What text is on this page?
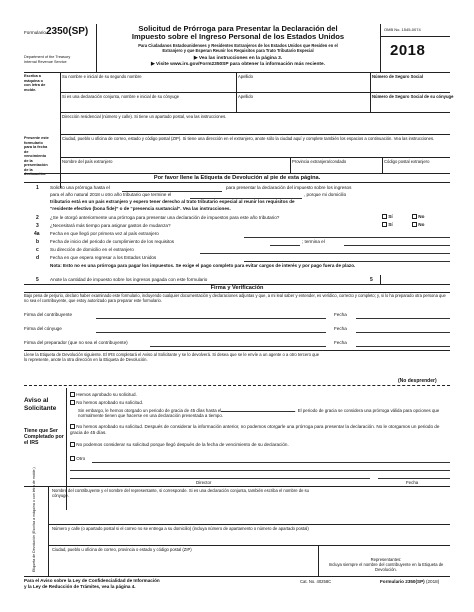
Formulario 2350(SP)
Department of the Treasury
Internal Revenue Service
Solicitud de Prórroga para Presentar la Declaración del
Impuesto sobre el Ingreso Personal de los Estados Unidos
Para Ciudadanos Estadounidenses y Residentes Extranjeros de los Estados Unidos que Residen en el
Extranjero y que Esperan Reunir los Requisitos para Trato Tributario Especial
▶ Vea las instrucciones en la página 3.
▶ Visite www.irs.gov/Form2350SP para obtener la información más reciente.
OMB No. 1545-0074
2018
Escriba a máquina o con letra de molde.
Presente este formulario para la fecha de vencimiento de la presentación de la declaración.
Su nombre e inicial de su segundo nombre	Apellido	Número de Seguro Social
Si es una declaración conjunta, nombre e inicial de su cónyuge	Apellido	Número de Seguro Social de su cónyuge
Dirección residencial (número y calle). Si tiene un apartado postal, vea las instrucciones.
Ciudad, pueblo u oficina de correo, estado y código postal (ZIP). Si tiene una dirección en el extranjero, anote sólo la ciudad aquí y complete también los espacios a continuación. Vea las instrucciones.
Nombre del país extranjero	Provincia extranjera/condado	Código postal extranjero
Por favor llene la Etiqueta de Devolución al pie de esta página.
1 Solicito una prórroga hasta el	para presentar la declaración del impuesto sobre los ingresos
para el año natural 2018 u otro año tributario que termine el	, porque mi domicilio
tributario está en un país extranjero y espero tener derecho al trato tributario especial al reunir los requisitos de
“residente efectivo (bona fide)” o de “presencia sustancial”. Vea las instrucciones.
2 ¿Se le otorgó anteriormente una prórroga para presentar una declaración de impuestos para este año tributario?	Sí	No
3 ¿Necesitará más tiempo para asignar gastos de mudanza?	Sí	No
4a Fecha en que llegó por primera vez al país extranjero
b Fecha de inicio del periodo de cumplimiento de los requisitos	; termina el
c Su dirección de domicilio en el extranjero
d Fecha en que espera regresar a los Estados Unidos
Nota: Esto no es una prórroga para pagar los impuestos. Se exige el pago completo para evitar cargos de interés y por pago fuera de plazo.
5 Anote la cantidad de impuesto sobre los ingresos pagada con este formulario	5
Firma y Verificación
Bajo pena de perjurio, declaro haber examinado este formulario, incluyendo cualquier documentación y declaraciones adjuntas y que, a mi leal saber y entender, es verídico, correcto y completo; y, si lo ha preparado otra persona que no sea el contribuyente, que estoy autorizado para preparar este formulario.
Firma del contribuyente	Fecha
Firma del cónyuge	Fecha
Firma del preparador (que no sea el contribuyente)	Fecha
Llene la Etiqueta de Devolución siguiente. El IRS completará el Aviso al Solicitante y se lo devolverá. Si desea que se le envíe a un agente o a otro tercero que
lo represente, anote la otra dirección en la Etiqueta de Devolución.
(No desprender)
Aviso al
Solicitante
Tiene que Ser Completado por el IRS
Hemos aprobado su solicitud.
No hemos aprobado su solicitud.
Sin embargo, le hemos otorgado un periodo de gracia de 45 días hasta el	. El periodo de gracia se considera una prórroga válida para opciones que normalmente tienen que hacerse en una declaración presentada a tiempo.
No hemos aprobado su solicitud. Después de considerar la información anterior, no podemos otorgarle una prórroga para presentar la declaración. No le otorgamos un periodo de gracia de 45 días.
No podemos considerar su solicitud porque llegó después de la fecha de vencimiento de su declaración.
Otro
Director	Fecha
Etiqueta de Devolución (Escriba a máquina o con letra de molde.)	Nombre del contribuyente y el nombre del representante, si corresponde. Si es una declaración conjunta, también escriba el nombre de su cónyuge.
Número y calle (o apartado postal si el correo no se entrega a su domicilio) (incluya número de apartamento o número de apartado postal)
Ciudad, pueblo u oficina de correo, provincia o estado y código postal (ZIP)
Representantes:
Incluya siempre el nombre del contribuyente en la Etiqueta de Devolución.
Para el Aviso sobre la Ley de Confidencialidad de Información
y la Ley de Reducción de Trámites, vea la página 4.
Cat. No. 40258C	Formulario 2350(SP) (2018)
